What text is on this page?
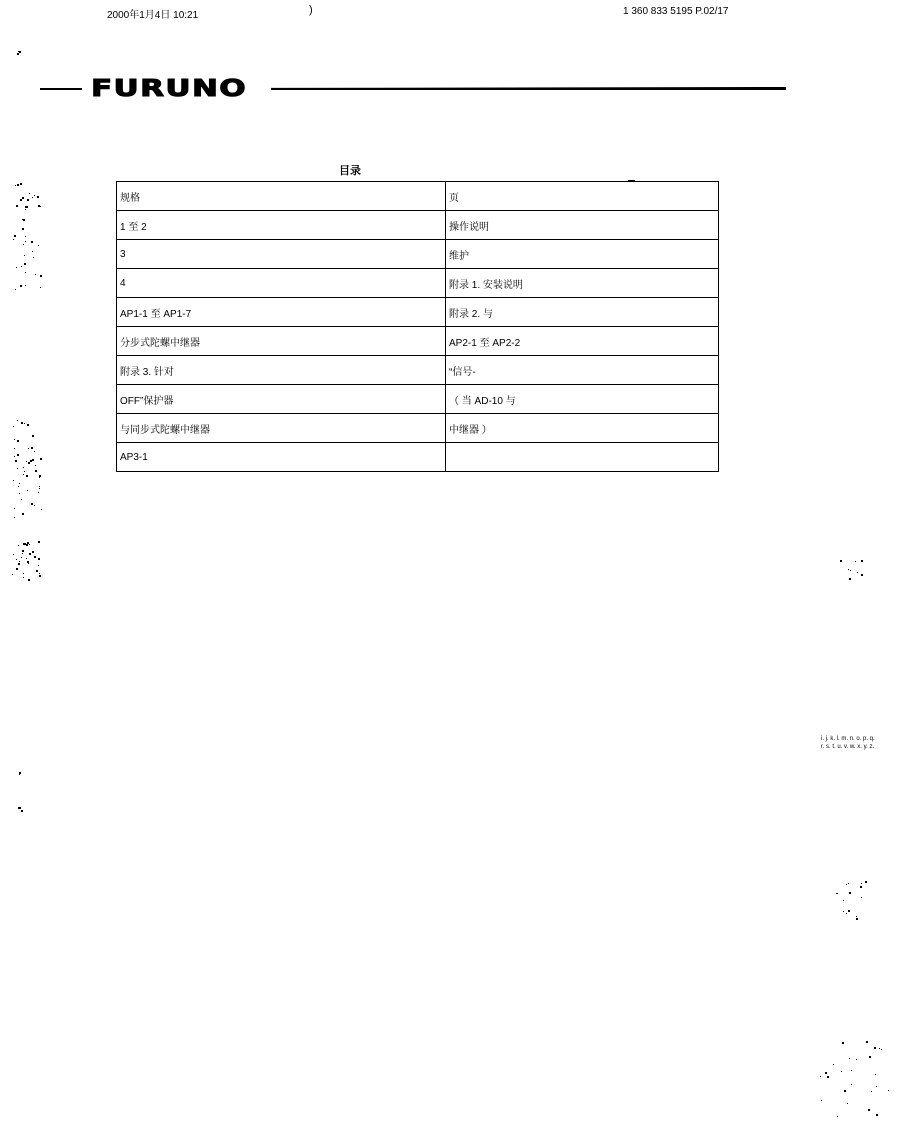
2000年1月4日 10:21	)	1 360 833 5195 P.02/17
FURUNO
目录
规格	页
1 至 2	操作说明
3	维护
4	附录 1. 安装说明
AP1-1 至 AP1-7	附录 2. 与
分步式陀螺中继器	AP2-1 至 AP2-2
附录 3. 针对	“信号-
OFF”保护器	（ 当 AD-10 与
与同步式陀螺中继器	中继器 ）
AP3-1	
i. j. k. l. m. n. o. p. q.
r. s. t. u. v. w. x. y. z.
